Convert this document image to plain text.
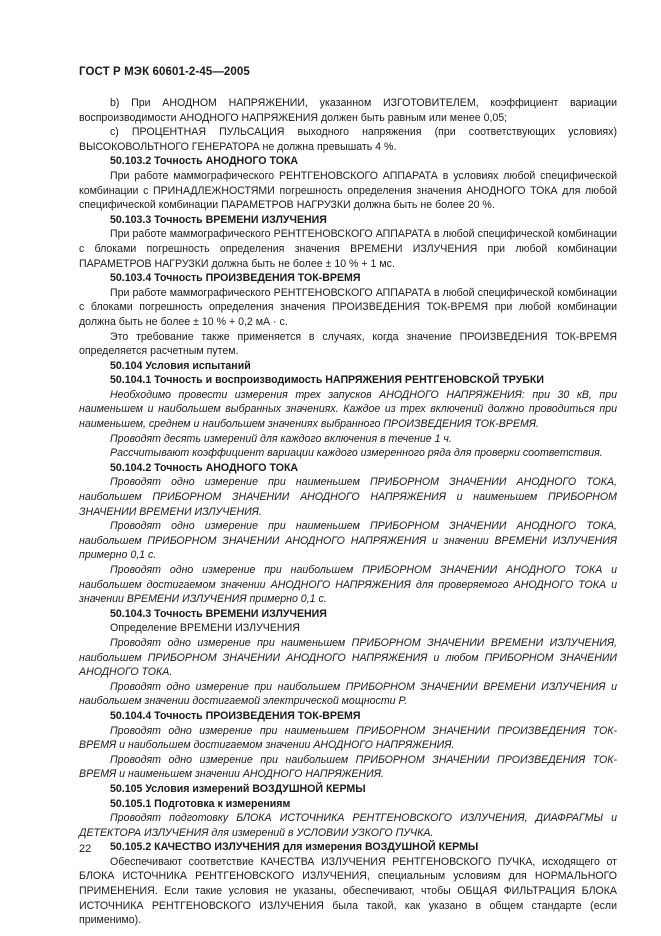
ГОСТ Р МЭК 60601-2-45—2005

b) При АНОДНОМ НАПРЯЖЕНИИ, указанном ИЗГОТОВИТЕЛЕМ, коэффициент вариации воспроизводимости АНОДНОГО НАПРЯЖЕНИЯ должен быть равным или менее 0,05;

c) ПРОЦЕНТНАЯ ПУЛЬСАЦИЯ выходного напряжения (при соответствующих условиях) ВЫСОКОВОЛЬТНОГО ГЕНЕРАТОРА не должна превышать 4 %.

50.103.2 Точность АНОДНОГО ТОКА

При работе маммографического РЕНТГЕНОВСКОГО АППАРАТА в условиях любой специфической комбинации с ПРИНАДЛЕЖНОСТЯМИ погрешность определения значения АНОДНОГО ТОКА для любой специфической комбинации ПАРАМЕТРОВ НАГРУЗКИ должна быть не более 20 %.

50.103.3 Точность ВРЕМЕНИ ИЗЛУЧЕНИЯ

При работе маммографического РЕНТГЕНОВСКОГО АППАРАТА в любой специфической комбинации с блоками погрешность определения значения ВРЕМЕНИ ИЗЛУЧЕНИЯ при любой комбинации ПАРАМЕТРОВ НАГРУЗКИ должна быть не более ± 10 % + 1 мс.

50.103.4 Точность ПРОИЗВЕДЕНИЯ ТОК-ВРЕМЯ

При работе маммографического РЕНТГЕНОВСКОГО АППАРАТА в любой специфической комбинации с блоками погрешность определения значения ПРОИЗВЕДЕНИЯ ТОК-ВРЕМЯ при любой комбинации должна быть не более ± 10 % + 0,2 мА · с.

Это требование также применяется в случаях, когда значение ПРОИЗВЕДЕНИЯ ТОК-ВРЕМЯ определяется расчетным путем.

50.104 Условия испытаний

50.104.1 Точность и воспроизводимость НАПРЯЖЕНИЯ РЕНТГЕНОВСКОЙ ТРУБКИ

Необходимо провести измерения трех запусков АНОДНОГО НАПРЯЖЕНИЯ: при 30 кВ, при наименьшем и наибольшем выбранных значениях. Каждое из трех включений должно проводиться при наименьшем, среднем и наибольшем значениях выбранного ПРОИЗВЕДЕНИЯ ТОК-ВРЕМЯ.

Проводят десять измерений для каждого включения в течение 1 ч.

Рассчитывают коэффициент вариации каждого измеренного ряда для проверки соответствия.

50.104.2 Точность АНОДНОГО ТОКА

Проводят одно измерение при наименьшем ПРИБОРНОМ ЗНАЧЕНИИ АНОДНОГО ТОКА, наибольшем ПРИБОРНОМ ЗНАЧЕНИИ АНОДНОГО НАПРЯЖЕНИЯ и наименьшем ПРИБОРНОМ ЗНАЧЕНИИ ВРЕМЕНИ ИЗЛУЧЕНИЯ.

Проводят одно измерение при наименьшем ПРИБОРНОМ ЗНАЧЕНИИ АНОДНОГО ТОКА, наибольшем ПРИБОРНОМ ЗНАЧЕНИИ АНОДНОГО НАПРЯЖЕНИЯ и значении ВРЕМЕНИ ИЗЛУЧЕНИЯ примерно 0,1 с.

Проводят одно измерение при наибольшем ПРИБОРНОМ ЗНАЧЕНИИ АНОДНОГО ТОКА и наибольшем достигаемом значении АНОДНОГО НАПРЯЖЕНИЯ для проверяемого АНОДНОГО ТОКА и значении ВРЕМЕНИ ИЗЛУЧЕНИЯ примерно 0,1 с.

50.104.3 Точность ВРЕМЕНИ ИЗЛУЧЕНИЯ

Определение ВРЕМЕНИ ИЗЛУЧЕНИЯ

Проводят одно измерение при наименьшем ПРИБОРНОМ ЗНАЧЕНИИ ВРЕМЕНИ ИЗЛУЧЕНИЯ, наибольшем ПРИБОРНОМ ЗНАЧЕНИИ АНОДНОГО НАПРЯЖЕНИЯ и любом ПРИБОРНОМ ЗНАЧЕНИИ АНОДНОГО ТОКА.

Проводят одно измерение при наибольшем ПРИБОРНОМ ЗНАЧЕНИИ ВРЕМЕНИ ИЗЛУЧЕНИЯ и наибольшем значении достигаемой электрической мощности P.

50.104.4 Точность ПРОИЗВЕДЕНИЯ ТОК-ВРЕМЯ

Проводят одно измерение при наименьшем ПРИБОРНОМ ЗНАЧЕНИИ ПРОИЗВЕДЕНИЯ ТОК-ВРЕМЯ и наибольшем достигаемом значении АНОДНОГО НАПРЯЖЕНИЯ.

Проводят одно измерение при наибольшем ПРИБОРНОМ ЗНАЧЕНИИ ПРОИЗВЕДЕНИЯ ТОК-ВРЕМЯ и наименьшем значении АНОДНОГО НАПРЯЖЕНИЯ.

50.105 Условия измерений ВОЗДУШНОЙ КЕРМЫ

50.105.1 Подготовка к измерениям

Проводят подготовку БЛОКА ИСТОЧНИКА РЕНТГЕНОВСКОГО ИЗЛУЧЕНИЯ, ДИАФРАГМЫ и ДЕТЕКТОРА ИЗЛУЧЕНИЯ для измерений в УСЛОВИИ УЗКОГО ПУЧКА.

50.105.2 КАЧЕСТВО ИЗЛУЧЕНИЯ для измерения ВОЗДУШНОЙ КЕРМЫ

Обеспечивают соответствие КАЧЕСТВА ИЗЛУЧЕНИЯ РЕНТГЕНОВСКОГО ПУЧКА, исходящего от БЛОКА ИСТОЧНИКА РЕНТГЕНОВСКОГО ИЗЛУЧЕНИЯ, специальным условиям для НОРМАЛЬНОГО ПРИМЕНЕНИЯ. Если такие условия не указаны, обеспечивают, чтобы ОБЩАЯ ФИЛЬТРАЦИЯ БЛОКА ИСТОЧНИКА РЕНТГЕНОВСКОГО ИЗЛУЧЕНИЯ была такой, как указано в общем стандарте (если применимо).

22
